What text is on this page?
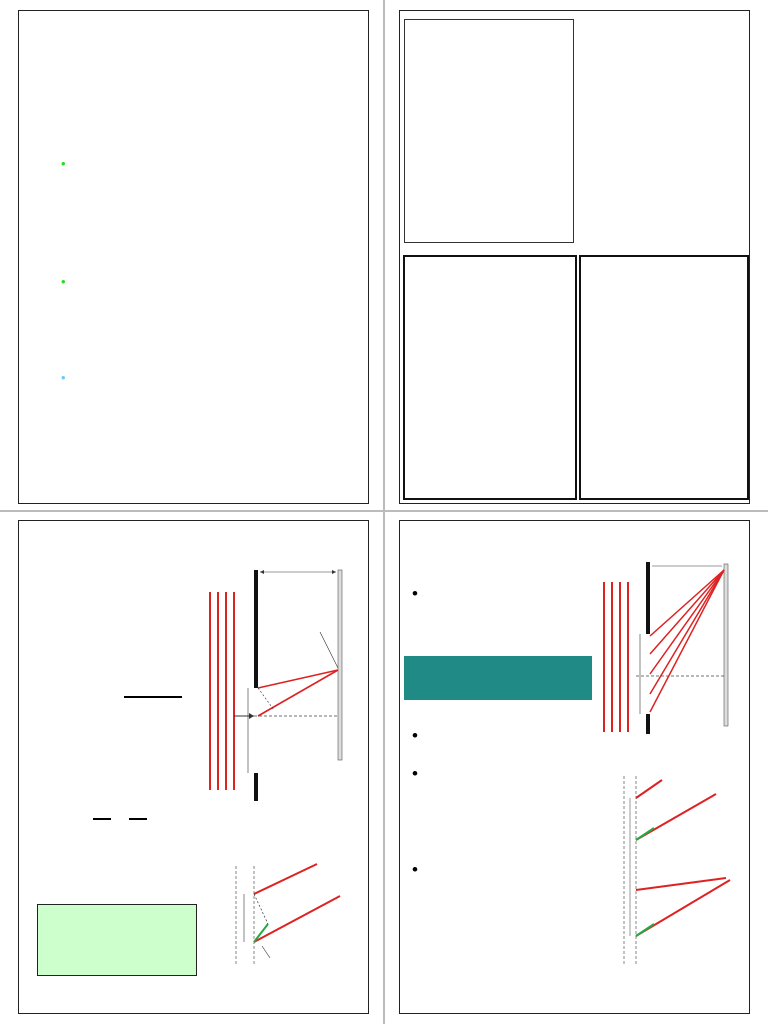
•
•
•
•
•
•
•
